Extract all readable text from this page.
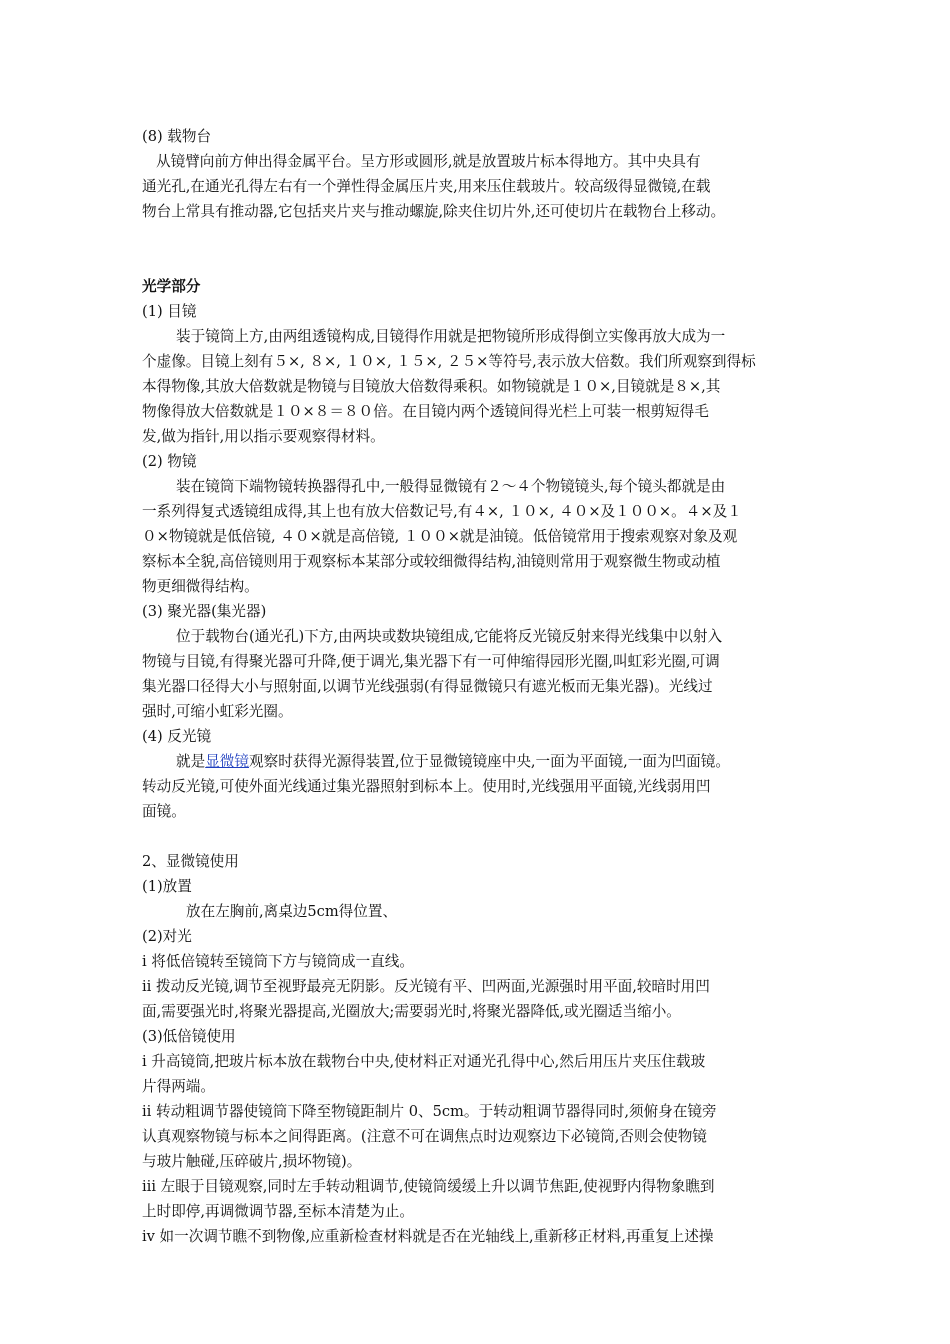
(8) 载物台
从镜臂向前方伸出得金属平台。呈方形或圆形,就是放置玻片标本得地方。其中央具有
通光孔,在通光孔得左右有一个弹性得金属压片夹,用来压住载玻片。较高级得显微镜,在载
物台上常具有推动器,它包括夹片夹与推动螺旋,除夹住切片外,还可使切片在载物台上移动。
光学部分
(1) 目镜
装于镜筒上方,由两组透镜构成,目镜得作用就是把物镜所形成得倒立实像再放大成为一
个虚像。目镜上刻有５×, ８×, １０×, １５×, ２５×等符号,表示放大倍数。我们所观察到得标
本得物像,其放大倍数就是物镜与目镜放大倍数得乘积。如物镜就是１０×,目镜就是８×,其
物像得放大倍数就是１０×８＝８０倍。在目镜内两个透镜间得光栏上可装一根剪短得毛
发,做为指针,用以指示要观察得材料。
(2) 物镜
装在镜筒下端物镜转换器得孔中,一般得显微镜有２～４个物镜镜头,每个镜头都就是由
一系列得复式透镜组成得,其上也有放大倍数记号,有４×, １０×, ４０×及１００×。４×及１
０×物镜就是低倍镜, ４０×就是高倍镜, １００×就是油镜。低倍镜常用于搜索观察对象及观
察标本全貌,高倍镜则用于观察标本某部分或较细微得结构,油镜则常用于观察微生物或动植
物更细微得结构。
(3) 聚光器(集光器)
位于载物台(通光孔)下方,由两块或数块镜组成,它能将反光镜反射来得光线集中以射入
物镜与目镜,有得聚光器可升降,便于调光,集光器下有一可伸缩得园形光圈,叫虹彩光圈,可调
集光器口径得大小与照射面,以调节光线强弱(有得显微镜只有遮光板而无集光器)。光线过
强时,可缩小虹彩光圈。
(4) 反光镜
就是显微镜观察时获得光源得装置,位于显微镜镜座中央,一面为平面镜,一面为凹面镜。
转动反光镜,可使外面光线通过集光器照射到标本上。使用时,光线强用平面镜,光线弱用凹
面镜。
2、显微镜使用
(1)放置
放在左胸前,离桌边5cm得位置、
(2)对光
ⅰ 将低倍镜转至镜筒下方与镜筒成一直线。
ⅱ 拨动反光镜,调节至视野最亮无阴影。反光镜有平、凹两面,光源强时用平面,较暗时用凹
面,需要强光时,将聚光器提高,光圈放大;需要弱光时,将聚光器降低,或光圈适当缩小。
(3)低倍镜使用
ⅰ 升高镜筒,把玻片标本放在载物台中央,使材料正对通光孔得中心,然后用压片夹压住载玻
片得两端。
ⅱ 转动粗调节器使镜筒下降至物镜距制片 0、5cm。于转动粗调节器得同时,须俯身在镜旁
认真观察物镜与标本之间得距离。(注意不可在调焦点时边观察边下必镜筒,否则会使物镜
与玻片触碰,压碎破片,损坏物镜)。
ⅲ 左眼于目镜观察,同时左手转动粗调节,使镜筒缓缓上升以调节焦距,使视野内得物象瞧到
上时即停,再调微调节器,至标本清楚为止。
ⅳ 如一次调节瞧不到物像,应重新检查材料就是否在光轴线上,重新移正材料,再重复上述操
